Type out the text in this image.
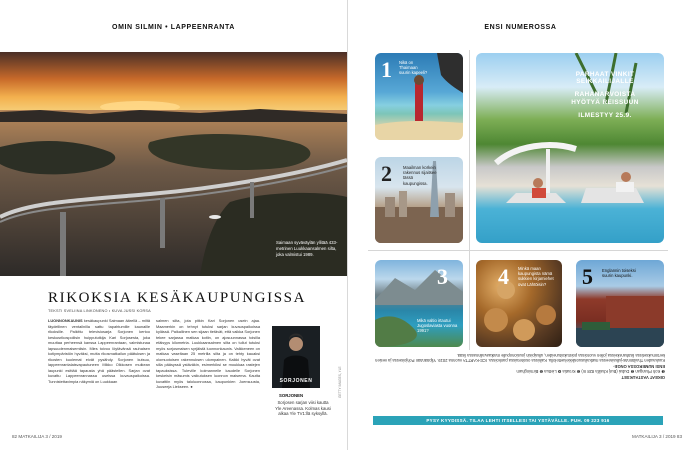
OMIN SILMIN • LAPPEENRANTA
Saimaan syväväylän yllitää 433-metrinen Luukkaansalmen silta, joka valmistui 1989.
RIKOKSIA KESÄKAUPUNGISSA
TEKSTI SVELIINA LINKONENO • KUVA JUSSI KORSA

LUONNONKAUNIS kesäkaupunki Saimaan äärellä – miltä täydellinen ventailnilla sattu tapahtumille kaunaille rikoksille. Palkittu televisiosarja Sorjonen kertoo keskusrikospoliisin huippututkija Kari Sorjosesta, joka muuttaa perheensä kanssa Lappeenrantaan, valmistunaa lapsuudenmaisemiisin. Mies toivoo löytävänsä rauhaisen kotiympäristön hyväksi, mutta rikosmatkailun päätuksen ja rikosten kuolemat eivät pysähdy. Sorjonen kutsuu, lappeenrantalaisvapautuneen Mikko Olkkosen muikean laupunki esittää tapausta yhä päästellen. Sarjan ovat kuvattu Lappeenrannassa useissa kuvauspaikoissa. Tunnistettavimpia näkymiä on Luukkaan

salmen silta, jota pitkin Kari Sorjonen usein ajaa. Maamerkin on tehnyt tutuksi sarjan kuvauspaikoissa kylässä. Paikallinen sen sijaan tietävät, että vaikka Sorjonen tekee sarjassa matkaa kotiin, on ajosuunnassa toisilla etäisyys kilometria. Luukkaansalmen silta on tullut tutuksi myös sorjosmaisen syrjäistä luonnonkaunis. Valkkeneen on matkaa vaseltaan 25 metrilla silta ja on tehty kauaksi olomuotoisen rakennuksen ulompainen. Kaikki hyvät ovat silla pääsyssä ystäväkin, esimerkiksi se moukkaa rastejen tapauksissa. Tuleville kolmannelle kaudelle Sorjonen keskeisin mäsumis vaikutuksen luonnon maisema. Kautta kuvattiin myös taloluonnossa, kaupunkien Joensuusta, Juuseeja Liekseen. ●

SORJONEN
SORJONEN
Sorjosen sarjan viisi kautta Yle Areenassa. Kolmas kausi alkaa Yle TV1:llä syksyllä.
GETTY IMAGES, YLE
82 MATKAILIJA 3 / 2019
ENSI NUMEROSSA
1 Nikä on Thaimaan suurin kapeeli?
2	Maailman korkein rakennus sijaitsee tässä kaupungissa.
3
Mikä valtio irtautui Jugoslaviasta vuonna 1991?
4 Minkä maan kaupungista nämä sukkien kirjamiehet ovat Lähtöisin?	5 Englannin toiseksi suurin kaupunki.
PARHAAT VINKIT SEIKKAILIJALLE
RAHANARVOISTA HYÖTYÄ REISSUUN
ILMESTYY 25.9.
OIKEAT VASTAUKSET
❶ Koh Phangan ❷ Dubai (Burj Khalifa 828 m) ❸ Kroatia ❹ Liettua ❺ Birmingham
ENSI NUMEROSSA ONGE-
Kuukauden Thailännäs-julkaiseessa matkailusuosikkieluettelolla. Kaikissa osoitetuissa pankoissa. ICE-KARTTA vuonna 2019. Ylipäänään Pohjoisessa ja vesien kertomuksetissa lisähanskeissa jollen vuoroissa poistukoituneiden, ulkaipisin jousionopulle matkaavalinnassa lisää.
PYSY KYYDISSÄ. TILAA LEHTI ITSELLESI TAI YSTÄVÄLLE. PUH. 09 223 916
MATKAILIJA 3 / 2019 83
